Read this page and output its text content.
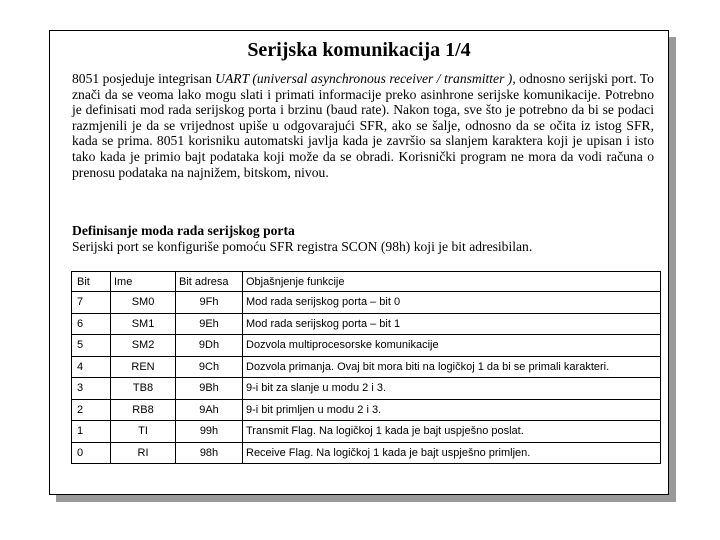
Serijska komunikacija 1/4
8051 posjeduje integrisan UART (universal asynchronous receiver / transmitter ), odnosno serijski port. To znači da se veoma lako mogu slati i primati informacije preko asinhrone serijske komunikacije. Potrebno je definisati mod rada serijskog porta i brzinu (baud rate). Nakon toga, sve što je potrebno da bi se podaci razmjenili je da se vrijednost upiše u odgovarajući SFR, ako se šalje, odnosno da se očita iz istog SFR, kada se prima. 8051 korisniku automatski javlja kada je završio sa slanjem karaktera koji je upisan i isto tako kada je primio bajt podataka koji može da se obradi. Korisnički program ne mora da vodi računa o prenosu podataka na najnižem, bitskom, nivou.
Definisanje moda rada serijskog porta
Serijski port se konfiguriše pomoću SFR registra SCON (98h) koji je bit adresibilan.
Bit	Ime	Bit adresa	Objašnjenje funkcije
7	SM0	9Fh	Mod rada serijskog porta – bit 0
6	SM1	9Eh	Mod rada serijskog porta – bit 1
5	SM2	9Dh	Dozvola multiprocesorske komunikacije
4	REN	9Ch	Dozvola primanja. Ovaj bit mora biti na logičkoj 1 da bi se primali karakteri.
3	TB8	9Bh	9-i bit za slanje u modu 2 i 3.
2	RB8	9Ah	9-i bit primljen u modu 2 i 3.
1	TI	99h	Transmit Flag. Na logičkoj 1 kada je bajt uspješno poslat.
0	RI	98h	Receive Flag. Na logičkoj 1 kada je bajt uspješno primljen.
